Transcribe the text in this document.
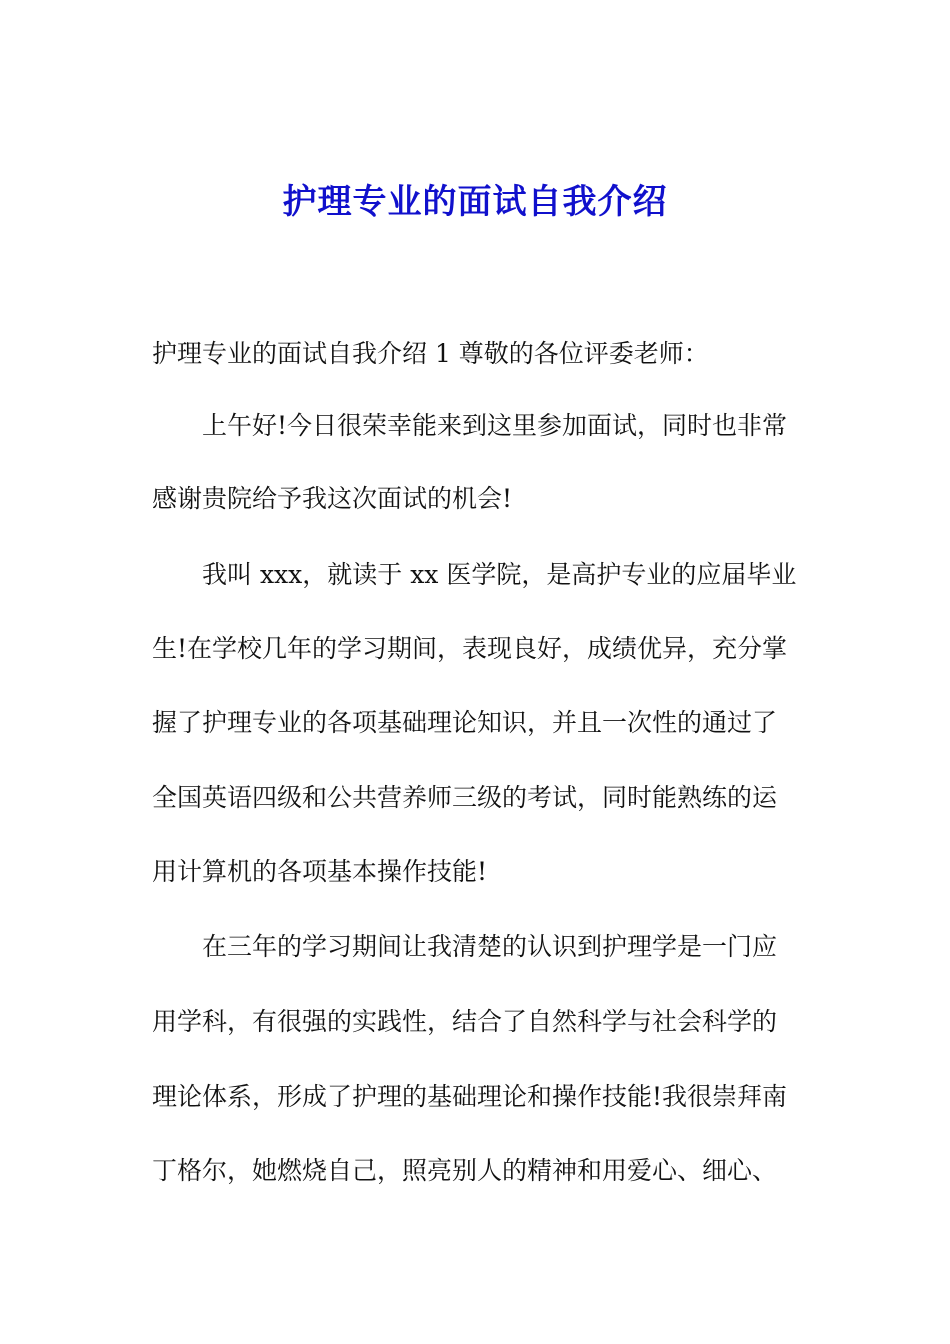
护理专业的面试自我介绍
护理专业的面试自我介绍 1 尊敬的各位评委老师：
上午好!今日很荣幸能来到这里参加面试，同时也非常
感谢贵院给予我这次面试的机会!
我叫 xxx，就读于 xx 医学院，是高护专业的应届毕业
生!在学校几年的学习期间，表现良好，成绩优异，充分掌
握了护理专业的各项基础理论知识，并且一次性的通过了
全国英语四级和公共营养师三级的考试，同时能熟练的运
用计算机的各项基本操作技能!
在三年的学习期间让我清楚的认识到护理学是一门应
用学科，有很强的实践性，结合了自然科学与社会科学的
理论体系，形成了护理的基础理论和操作技能!我很崇拜南
丁格尔，她燃烧自己，照亮别人的精神和用爱心、细心、
